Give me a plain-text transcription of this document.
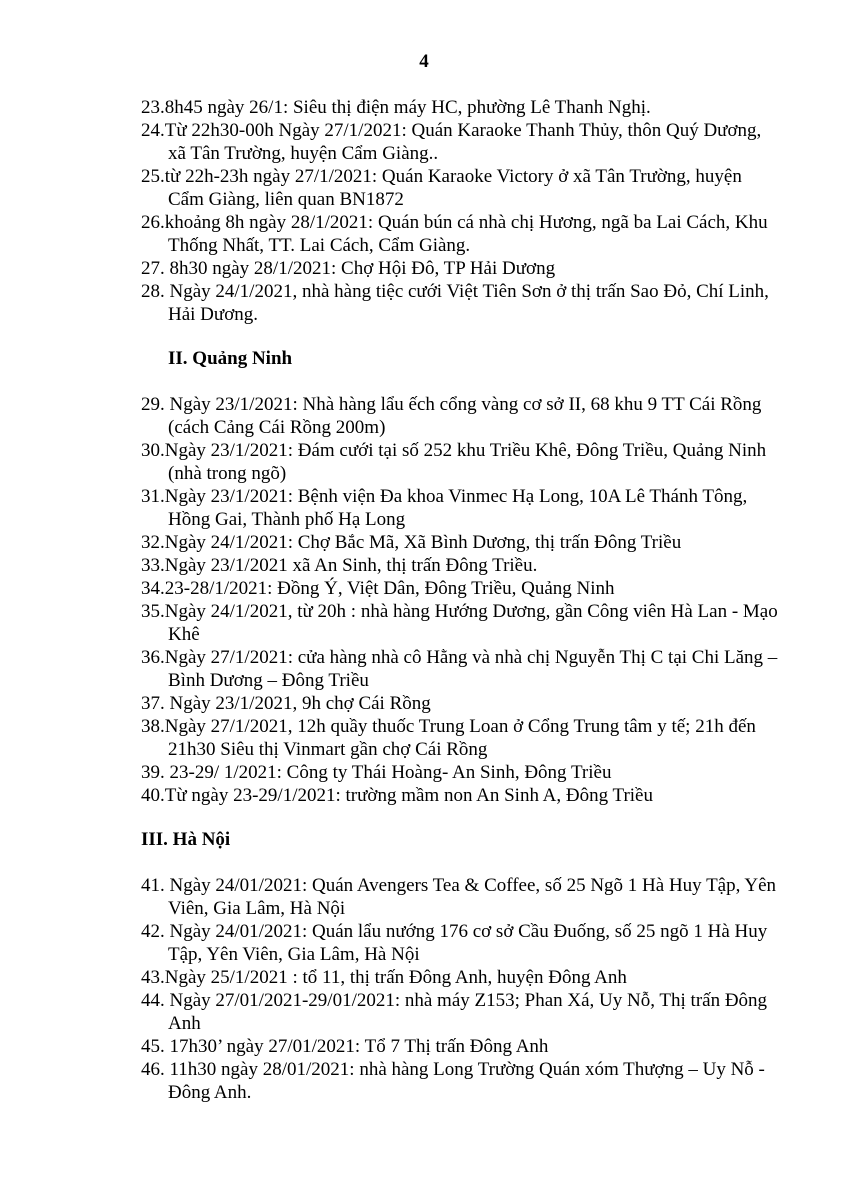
4

23.8h45 ngày 26/1: Siêu thị điện máy HC, phường Lê Thanh Nghị.

24.Từ 22h30-00h Ngày 27/1/2021: Quán Karaoke Thanh Thủy, thôn Quý Dương, xã Tân Trường, huyện Cẩm Giàng..

25.từ 22h-23h ngày 27/1/2021: Quán Karaoke Victory ở xã Tân Trường, huyện Cẩm Giàng, liên quan BN1872

26.khoảng 8h ngày 28/1/2021: Quán bún cá nhà chị Hương, ngã ba Lai Cách, Khu Thống Nhất, TT. Lai Cách, Cẩm Giàng.

27. 8h30 ngày 28/1/2021: Chợ Hội Đô, TP Hải Dương

28. Ngày 24/1/2021, nhà hàng tiệc cưới Việt Tiên Sơn ở thị trấn Sao Đỏ, Chí Linh, Hải Dương.

II. Quảng Ninh

29. Ngày 23/1/2021: Nhà hàng lẩu ếch cổng vàng cơ sở II, 68 khu 9 TT Cái Rồng (cách Cảng Cái Rồng 200m)

30.Ngày 23/1/2021: Đám cưới tại số 252 khu Triều Khê, Đông Triều, Quảng Ninh (nhà trong ngõ)

31.Ngày 23/1/2021: Bệnh viện Đa khoa Vinmec Hạ Long, 10A Lê Thánh Tông, Hồng Gai, Thành phố Hạ Long

32.Ngày 24/1/2021: Chợ Bắc Mã, Xã Bình Dương, thị trấn Đông Triều

33.Ngày 23/1/2021 xã An Sinh, thị trấn Đông Triều.

34.23-28/1/2021: Đồng Ý, Việt Dân, Đông Triều, Quảng Ninh

35.Ngày 24/1/2021, từ 20h : nhà hàng Hướng Dương, gần Công viên Hà Lan - Mạo Khê

36.Ngày 27/1/2021: cửa hàng nhà cô Hằng và nhà chị Nguyễn Thị C tại Chi Lăng – Bình Dương – Đông Triều

37. Ngày 23/1/2021, 9h chợ Cái Rồng

38.Ngày 27/1/2021, 12h quầy thuốc Trung Loan ở Cổng Trung tâm y tế; 21h đến 21h30 Siêu thị Vinmart gần chợ Cái Rồng

39. 23-29/ 1/2021: Công ty Thái Hoàng- An Sinh, Đông Triều

40.Từ ngày 23-29/1/2021: trường mầm non An Sinh A, Đông Triều

III. Hà Nội

41. Ngày 24/01/2021: Quán Avengers Tea & Coffee, số 25 Ngõ 1 Hà Huy Tập, Yên Viên, Gia Lâm, Hà Nội

42. Ngày 24/01/2021: Quán lẩu nướng 176 cơ sở Cầu Đuống, số 25 ngõ 1 Hà Huy Tập, Yên Viên, Gia Lâm, Hà Nội

43.Ngày 25/1/2021 : tổ 11, thị trấn Đông Anh, huyện Đông Anh

44. Ngày 27/01/2021-29/01/2021: nhà máy Z153; Phan Xá, Uy Nỗ, Thị trấn Đông Anh

45. 17h30’ ngày 27/01/2021: Tổ 7 Thị trấn Đông Anh

46. 11h30 ngày 28/01/2021: nhà hàng Long Trường Quán xóm Thượng – Uy Nỗ - Đông Anh.
